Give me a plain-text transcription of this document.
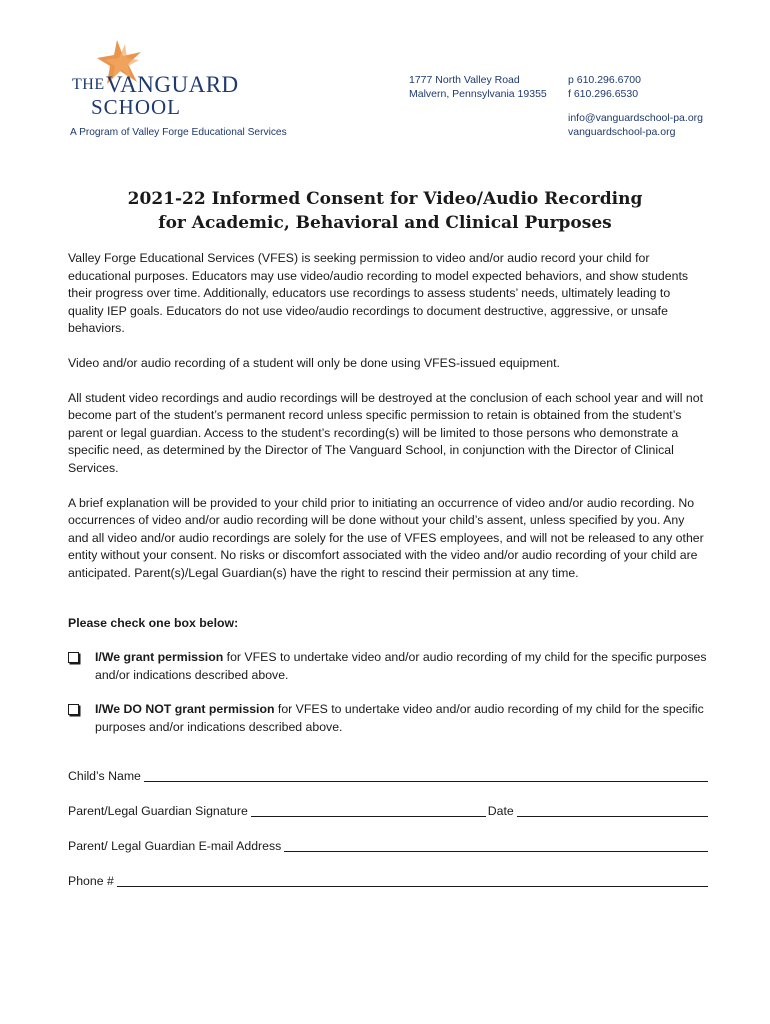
THE VANGUARD
SCHOOL
A Program of Valley Forge Educational Services
1777 North Valley Road
Malvern, Pennsylvania 19355
p 610.296.6700
f 610.296.6530
info@vanguardschool-pa.org
vanguardschool-pa.org
2021-22 Informed Consent for Video/Audio Recording
for Academic, Behavioral and Clinical Purposes

Valley Forge Educational Services (VFES) is seeking permission to video and/or audio record your child for educational purposes. Educators may use video/audio recording to model expected behaviors, and show students their progress over time. Additionally, educators use recordings to assess students’ needs, ultimately leading to quality IEP goals. Educators do not use video/audio recordings to document destructive, aggressive, or unsafe behaviors.

Video and/or audio recording of a student will only be done using VFES-issued equipment.

All student video recordings and audio recordings will be destroyed at the conclusion of each school year and will not become part of the student’s permanent record unless specific permission to retain is obtained from the student’s parent or legal guardian. Access to the student’s recording(s) will be limited to those persons who demonstrate a specific need, as determined by the Director of The Vanguard School, in conjunction with the Director of Clinical Services.

A brief explanation will be provided to your child prior to initiating an occurrence of video and/or audio recording. No occurrences of video and/or audio recording will be done without your child’s assent, unless specified by you. Any and all video and/or audio recordings are solely for the use of VFES employees, and will not be released to any other entity without your consent. No risks or discomfort associated with the video and/or audio recording of your child are anticipated. Parent(s)/Legal Guardian(s) have the right to rescind their permission at any time.

Please check one box below:

I/We grant permission for VFES to undertake video and/or audio recording of my child for the specific purposes and/or indications described above.
I/We DO NOT grant permission for VFES to undertake video and/or audio recording of my child for the specific purposes and/or indications described above.
Child’s Name
Parent/Legal Guardian Signature	Date
Parent/ Legal Guardian E-mail Address
Phone #
